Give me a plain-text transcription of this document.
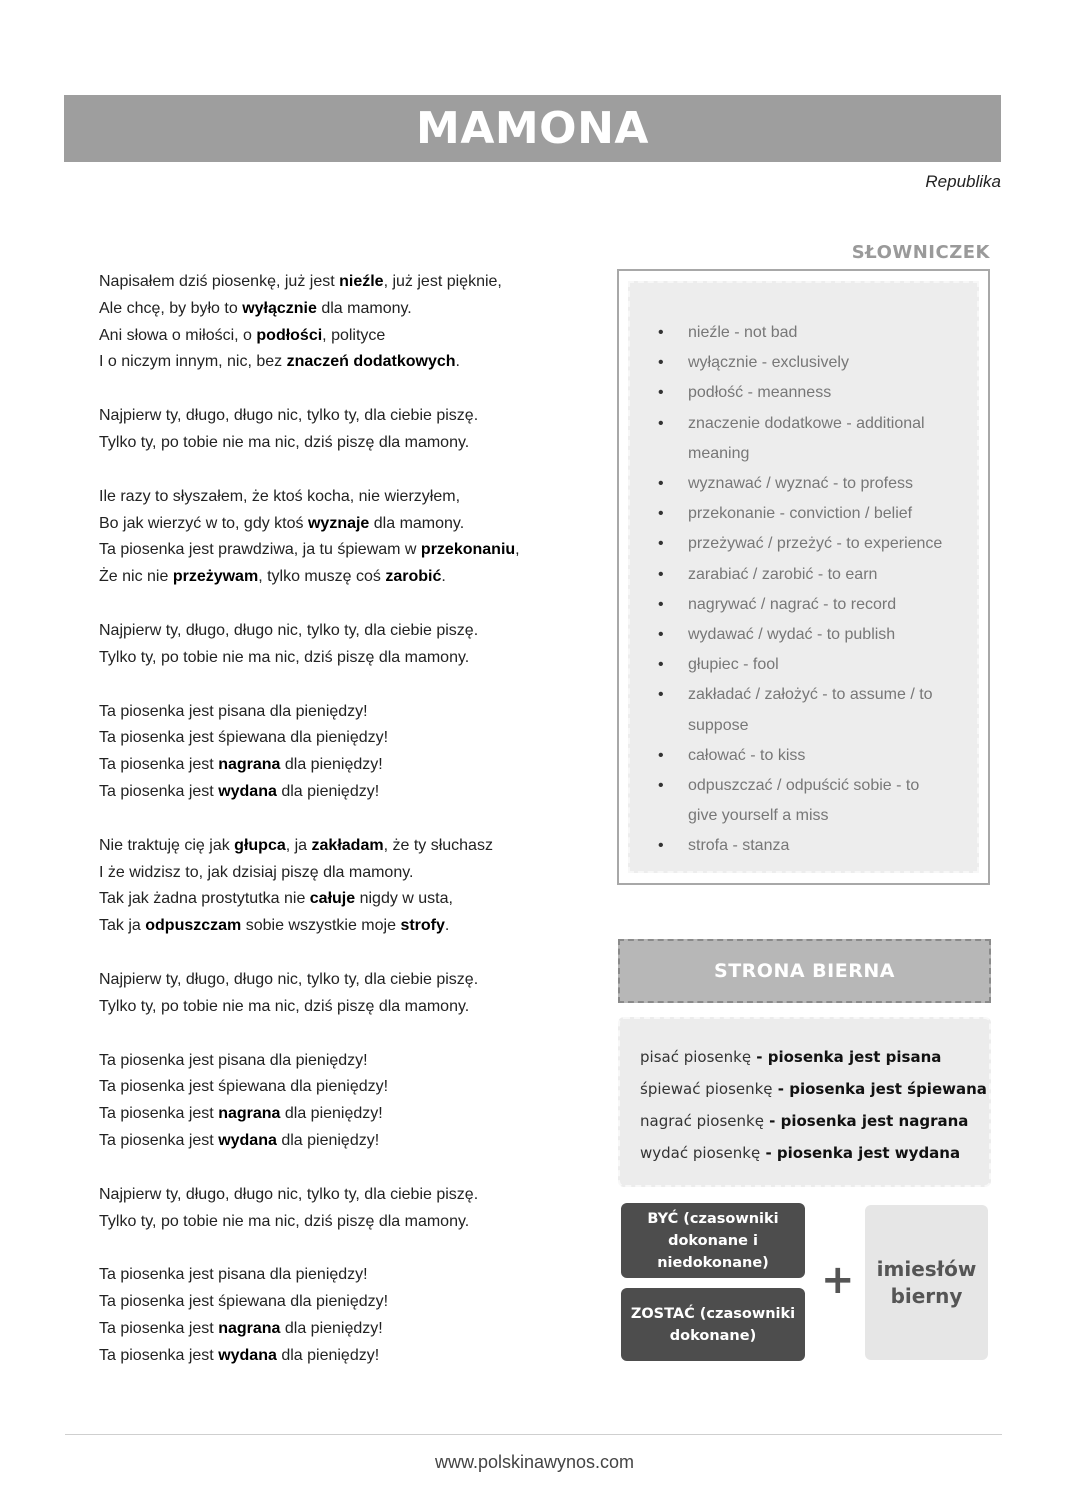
MAMONA
Republika
Napisałem dziś piosenkę, już jest nieźle, już jest pięknie,
Ale chcę, by było to wyłącznie dla mamony.
Ani słowa o miłości, o podłości, polityce
I o niczym innym, nic, bez znaczeń dodatkowych.
Najpierw ty, długo, długo nic, tylko ty, dla ciebie piszę.
Tylko ty, po tobie nie ma nic, dziś piszę dla mamony.
Ile razy to słyszałem, że ktoś kocha, nie wierzyłem,
Bo jak wierzyć w to, gdy ktoś wyznaje dla mamony.
Ta piosenka jest prawdziwa, ja tu śpiewam w przekonaniu,
Że nic nie przeżywam, tylko muszę coś zarobić.
Najpierw ty, długo, długo nic, tylko ty, dla ciebie piszę.
Tylko ty, po tobie nie ma nic, dziś piszę dla mamony.
Ta piosenka jest pisana dla pieniędzy!
Ta piosenka jest śpiewana dla pieniędzy!
Ta piosenka jest nagrana dla pieniędzy!
Ta piosenka jest wydana dla pieniędzy!
Nie traktuję cię jak głupca, ja zakładam, że ty słuchasz
I że widzisz to, jak dzisiaj piszę dla mamony.
Tak jak żadna prostytutka nie całuje nigdy w usta,
Tak ja odpuszczam sobie wszystkie moje strofy.
Najpierw ty, długo, długo nic, tylko ty, dla ciebie piszę.
Tylko ty, po tobie nie ma nic, dziś piszę dla mamony.
Ta piosenka jest pisana dla pieniędzy!
Ta piosenka jest śpiewana dla pieniędzy!
Ta piosenka jest nagrana dla pieniędzy!
Ta piosenka jest wydana dla pieniędzy!
Najpierw ty, długo, długo nic, tylko ty, dla ciebie piszę.
Tylko ty, po tobie nie ma nic, dziś piszę dla mamony.
Ta piosenka jest pisana dla pieniędzy!
Ta piosenka jest śpiewana dla pieniędzy!
Ta piosenka jest nagrana dla pieniędzy!
Ta piosenka jest wydana dla pieniędzy!
SŁOWNICZEK
• nieźle - not bad
• wyłącznie - exclusively
• podłość - meanness
• znaczenie dodatkowe - additional meaning
• wyznawać / wyznać - to profess
• przekonanie - conviction / belief
• przeżywać / przeżyć - to experience
• zarabiać / zarobić - to earn
• nagrywać / nagrać - to record
• wydawać / wydać - to publish
• głupiec - fool
• zakładać / założyć - to assume / to suppose
• całować - to kiss
• odpuszczać / odpuścić sobie - to give yourself a miss
• strofa - stanza
STRONA BIERNA
pisać piosenkę - piosenka jest pisana
śpiewać piosenkę - piosenka jest śpiewana
nagrać piosenkę - piosenka jest nagrana
wydać piosenkę - piosenka jest wydana
BYĆ (czasowniki dokonane i niedokonane)
ZOSTAĆ (czasowniki dokonane)
+	imiesłów bierny
www.polskinawynos.com
